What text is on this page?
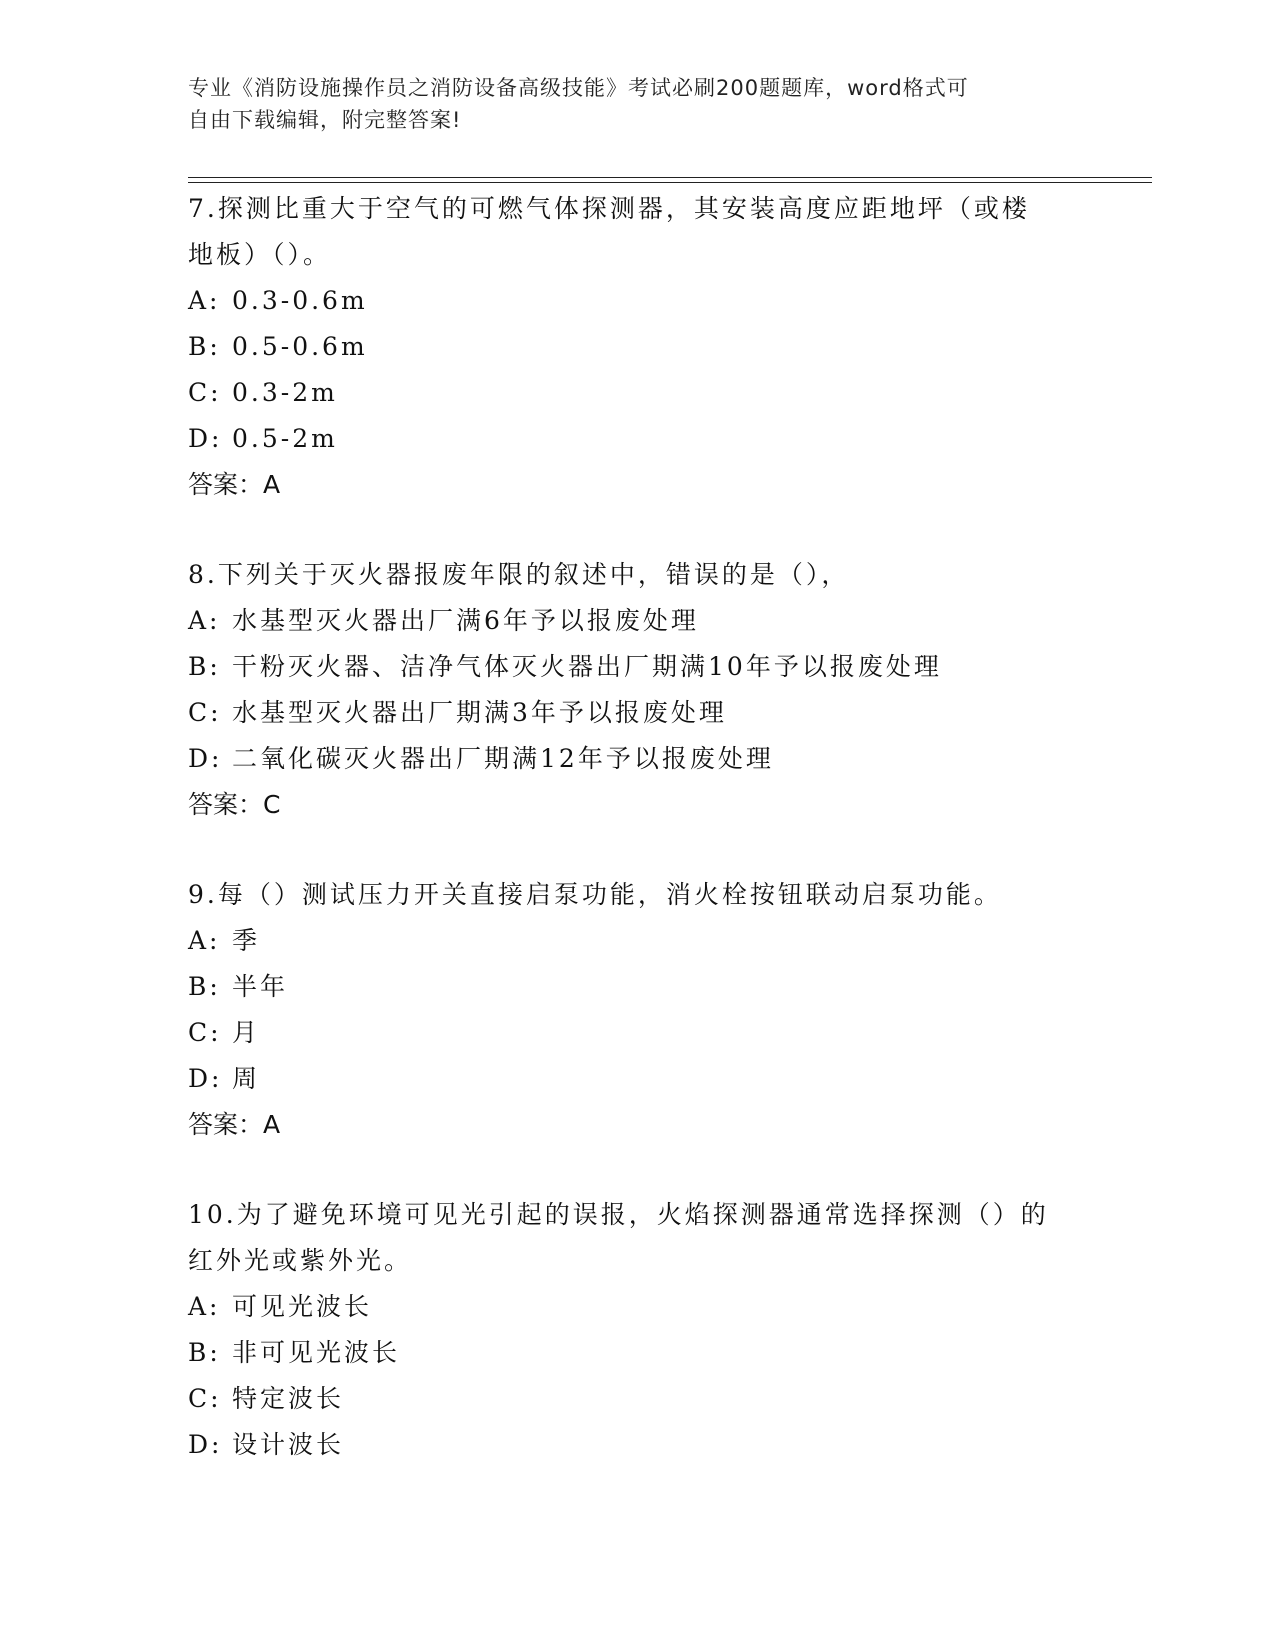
专业《消防设施操作员之消防设备高级技能》考试必刷200题题库，word格式可
自由下载编辑，附完整答案!

7.探测比重大于空气的可燃气体探测器，其安装高度应距地坪（或楼

地板）（）。

A: 0.3-0.6m
B: 0.5-0.6m
C: 0.3-2m
D: 0.5-2m

答案：A

8.下列关于灭火器报废年限的叙述中，错误的是（），

A: 水基型灭火器出厂满6年予以报废处理
B: 干粉灭火器、洁净气体灭火器出厂期满10年予以报废处理
C: 水基型灭火器出厂期满3年予以报废处理
D: 二氧化碳灭火器出厂期满12年予以报废处理

答案：C

9.每（）测试压力开关直接启泵功能，消火栓按钮联动启泵功能。

A: 季
B: 半年
C: 月
D: 周

答案：A

10.为了避免环境可见光引起的误报，火焰探测器通常选择探测（）的

红外光或紫外光。

A: 可见光波长
B: 非可见光波长
C: 特定波长
D: 设计波长
